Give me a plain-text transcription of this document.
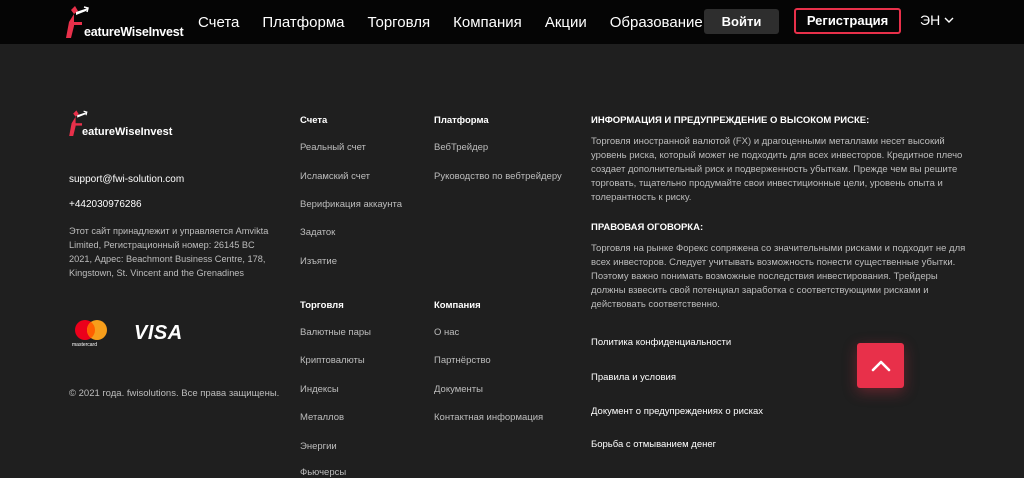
eatureWiseInvest
Счета Платформа Торговля Компания Акции Образование	Войти	Регистрация	ЭН
eatureWiseInvest
support@fwi-solution.com
+442030976286
Этот сайт принадлежит и управляется Amvikta Limited, Регистрационный номер: 26145 BC 2021, Адрес: Beachmont Business Centre, 178, Kingstown, St. Vincent and the Grenadines
mastercard
VISA
© 2021 года. fwisolutions. Все права защищены.
Счета
Реальный счет
Исламский счет
Верификация аккаунта
Задаток
Изъятие
Платформа
ВебТрейдер
Руководство по вебтрейдеру
Торговля
Валютные пары
Криптовалюты
Индексы
Металлов
Энергии
Фьючерсы
Компания
О нас
Партнёрство
Документы
Контактная информация
ИНФОРМАЦИЯ И ПРЕДУПРЕЖДЕНИЕ О ВЫСОКОМ РИСКЕ:
Торговля иностранной валютой (FX) и драгоценными металлами несет высокий уровень риска, который может не подходить для всех инвесторов. Кредитное плечо создает дополнительный риск и подверженность убыткам. Прежде чем вы решите торговать, тщательно продумайте свои инвестиционные цели, уровень опыта и толерантность к риску.
ПРАВОВАЯ ОГОВОРКА:
Торговля на рынке Форекс сопряжена со значительными рисками и подходит не для всех инвесторов. Следует учитывать возможность понести существенные убытки. Поэтому важно понимать возможные последствия инвестирования. Трейдеры должны взвесить свой потенциал заработка с соответствующими рисками и действовать соответственно.
Политика конфиденциальности
Правила и условия
Документ о предупреждениях о рисках
Борьба с отмыванием денег
